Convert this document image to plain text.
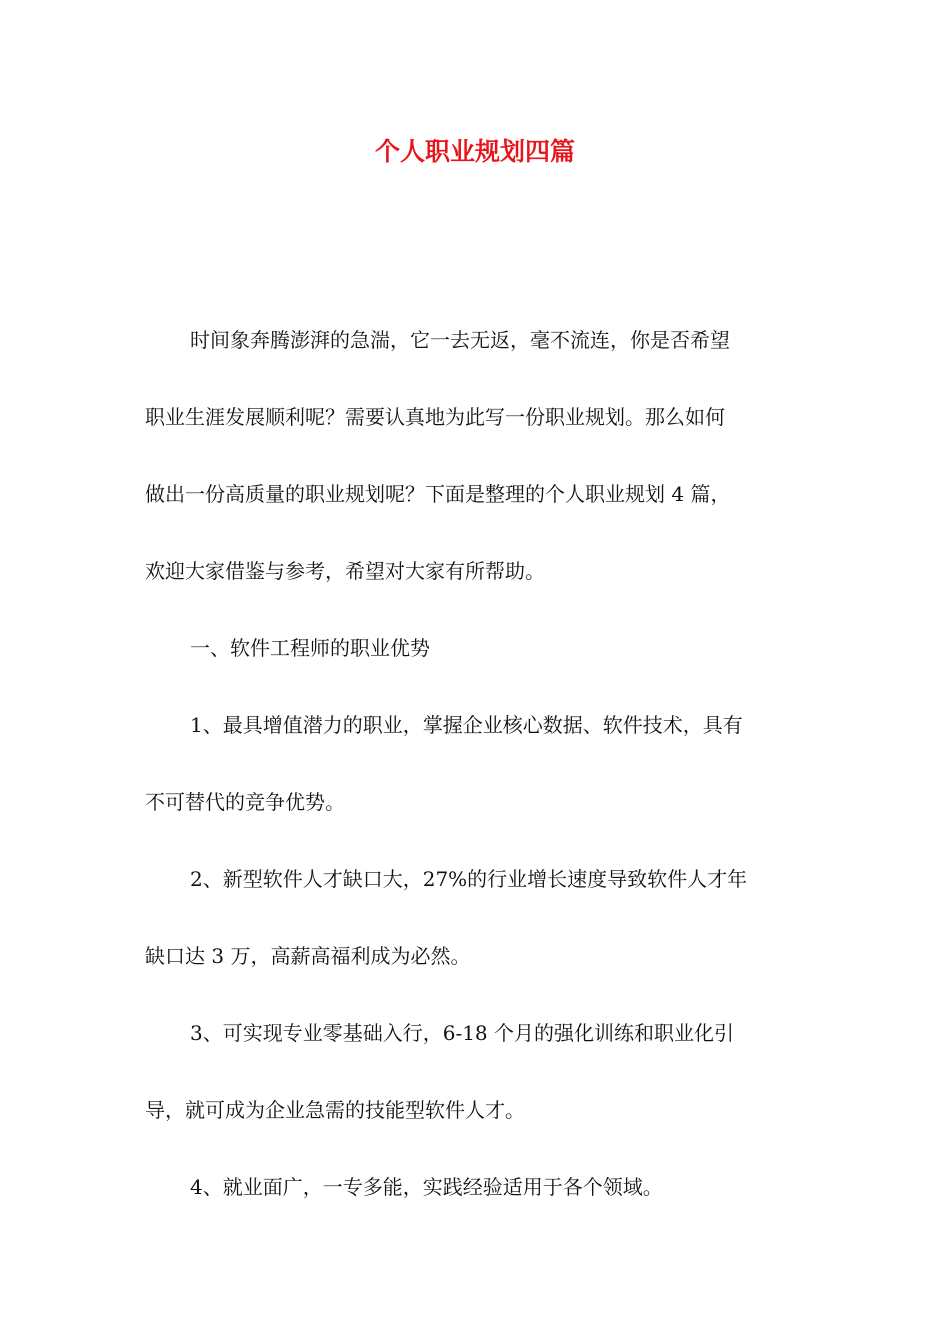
个人职业规划四篇
时间象奔腾澎湃的急湍，它一去无返，毫不流连，你是否希望
职业生涯发展顺利呢？需要认真地为此写一份职业规划。那么如何
做出一份高质量的职业规划呢？下面是整理的个人职业规划 4 篇，
欢迎大家借鉴与参考，希望对大家有所帮助。
一、软件工程师的职业优势
1、最具增值潜力的职业，掌握企业核心数据、软件技术，具有
不可替代的竞争优势。
2、新型软件人才缺口大，27%的行业增长速度导致软件人才年
缺口达 3 万，高薪高福利成为必然。
3、可实现专业零基础入行，6-18 个月的强化训练和职业化引
导，就可成为企业急需的技能型软件人才。
4、就业面广，一专多能，实践经验适用于各个领域。
